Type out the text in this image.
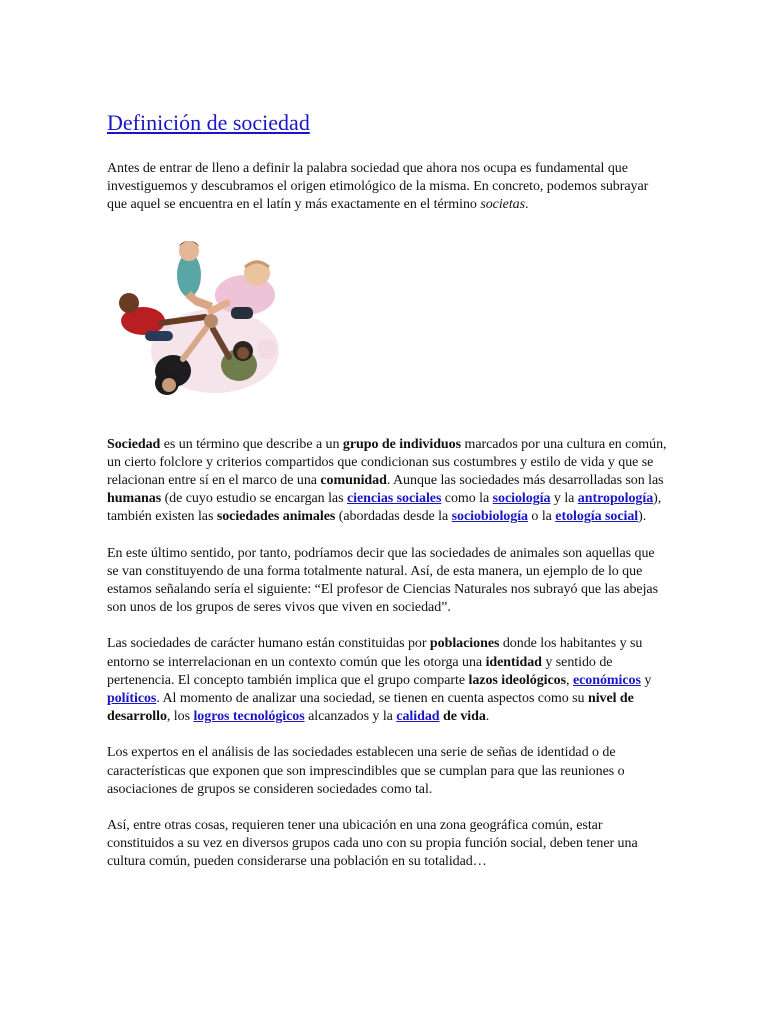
Definición de sociedad

Antes de entrar de lleno a definir la palabra sociedad que ahora nos ocupa es fundamental que investiguemos y descubramos el origen etimológico de la misma. En concreto, podemos subrayar que aquel se encuentra en el latín y más exactamente en el término societas.

Sociedad es un término que describe a un grupo de individuos marcados por una cultura en común, un cierto folclore y criterios compartidos que condicionan sus costumbres y estilo de vida y que se relacionan entre sí en el marco de una comunidad. Aunque las sociedades más desarrolladas son las humanas (de cuyo estudio se encargan las ciencias sociales como la sociología y la antropología), también existen las sociedades animales (abordadas desde la sociobiología o la etología social).

En este último sentido, por tanto, podríamos decir que las sociedades de animales son aquellas que se van constituyendo de una forma totalmente natural. Así, de esta manera, un ejemplo de lo que estamos señalando sería el siguiente: “El profesor de Ciencias Naturales nos subrayó que las abejas son unos de los grupos de seres vivos que viven en sociedad”.

Las sociedades de carácter humano están constituidas por poblaciones donde los habitantes y su entorno se interrelacionan en un contexto común que les otorga una identidad y sentido de pertenencia. El concepto también implica que el grupo comparte lazos ideológicos, económicos y políticos. Al momento de analizar una sociedad, se tienen en cuenta aspectos como su nivel de desarrollo, los logros tecnológicos alcanzados y la calidad de vida.

Los expertos en el análisis de las sociedades establecen una serie de señas de identidad o de características que exponen que son imprescindibles que se cumplan para que las reuniones o asociaciones de grupos se consideren sociedades como tal.

Así, entre otras cosas, requieren tener una ubicación en una zona geográfica común, estar constituidos a su vez en diversos grupos cada uno con su propia función social, deben tener una cultura común, pueden considerarse una población en su totalidad…
